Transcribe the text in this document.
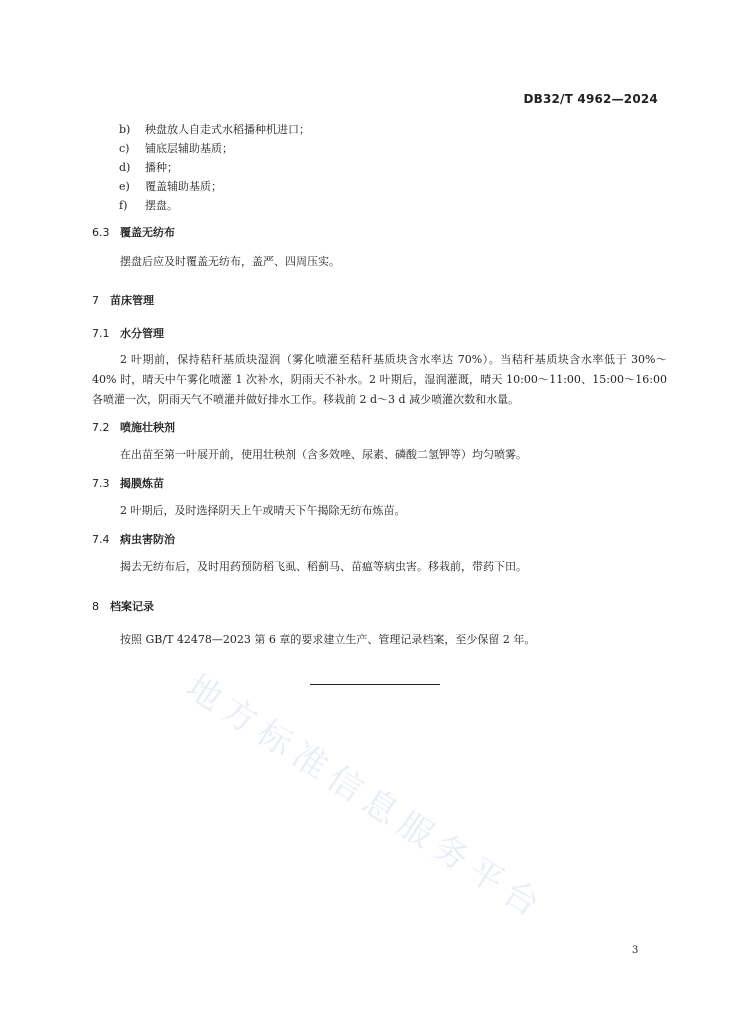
DB32/T 4962—2024
b) 秧盘放人自走式水稻播种机进口；
c) 铺底层辅助基质；
d) 播种；
e) 覆盖辅助基质；
f) 摆盘。
6.3 覆盖无纺布

摆盘后应及时覆盖无纺布，盖严、四周压实。

7 苗床管理
7.1 水分管理

2 叶期前，保持秸秆基质块湿润（雾化喷灌至秸秆基质块含水率达 70%）。当秸秆基质块含水率低于 30%～40% 时，晴天中午雾化喷灌 1 次补水，阴雨天不补水。2 叶期后，湿润灌溉，晴天 10:00～11:00、15:00～16:00 各喷灌一次，阴雨天气不喷灌并做好排水工作。移栽前 2 d～3 d 减少喷灌次数和水量。

7.2 喷施壮秧剂

在出苗至第一叶展开前，使用壮秧剂（含多效唑、尿素、磷酸二氢钾等）均匀喷雾。

7.3 揭膜炼苗

2 叶期后，及时选择阴天上午或晴天下午揭除无纺布炼苗。

7.4 病虫害防治

揭去无纺布后，及时用药预防稻飞虱、稻蓟马、苗瘟等病虫害。移栽前，带药下田。

8 档案记录

按照 GB/T 42478—2023 第 6 章的要求建立生产、管理记录档案，至少保留 2 年。

地方标准信息服务平台
3
